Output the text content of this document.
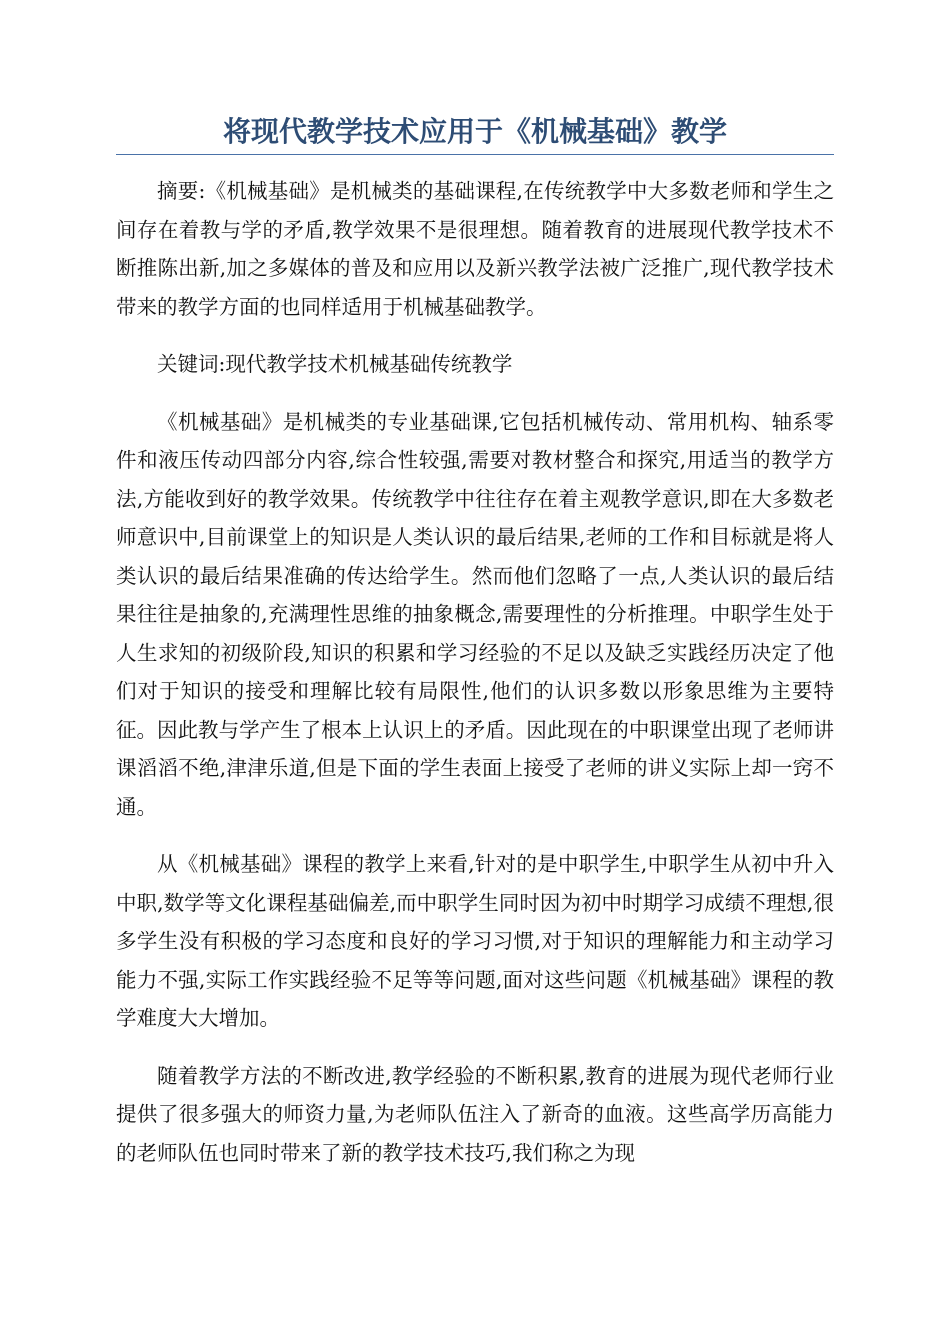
将现代教学技术应用于《机械基础》教学

摘要:《机械基础》是机械类的基础课程,在传统教学中大多数老师和学生之间存在着教与学的矛盾,教学效果不是很理想。随着教育的进展现代教学技术不断推陈出新,加之多媒体的普及和应用以及新兴教学法被广泛推广,现代教学技术带来的教学方面的也同样适用于机械基础教学。

关键词:现代教学技术机械基础传统教学

《机械基础》是机械类的专业基础课,它包括机械传动、常用机构、轴系零件和液压传动四部分内容,综合性较强,需要对教材整合和探究,用适当的教学方法,方能收到好的教学效果。传统教学中往往存在着主观教学意识,即在大多数老师意识中,目前课堂上的知识是人类认识的最后结果,老师的工作和目标就是将人类认识的最后结果准确的传达给学生。然而他们忽略了一点,人类认识的最后结果往往是抽象的,充满理性思维的抽象概念,需要理性的分析推理。中职学生处于人生求知的初级阶段,知识的积累和学习经验的不足以及缺乏实践经历决定了他们对于知识的接受和理解比较有局限性,他们的认识多数以形象思维为主要特征。因此教与学产生了根本上认识上的矛盾。因此现在的中职课堂出现了老师讲课滔滔不绝,津津乐道,但是下面的学生表面上接受了老师的讲义实际上却一窍不通。

从《机械基础》课程的教学上来看,针对的是中职学生,中职学生从初中升入中职,数学等文化课程基础偏差,而中职学生同时因为初中时期学习成绩不理想,很多学生没有积极的学习态度和良好的学习习惯,对于知识的理解能力和主动学习能力不强,实际工作实践经验不足等等问题,面对这些问题《机械基础》课程的教学难度大大增加。

随着教学方法的不断改进,教学经验的不断积累,教育的进展为现代老师行业提供了很多强大的师资力量,为老师队伍注入了新奇的血液。这些高学历高能力的老师队伍也同时带来了新的教学技术技巧,我们称之为现
